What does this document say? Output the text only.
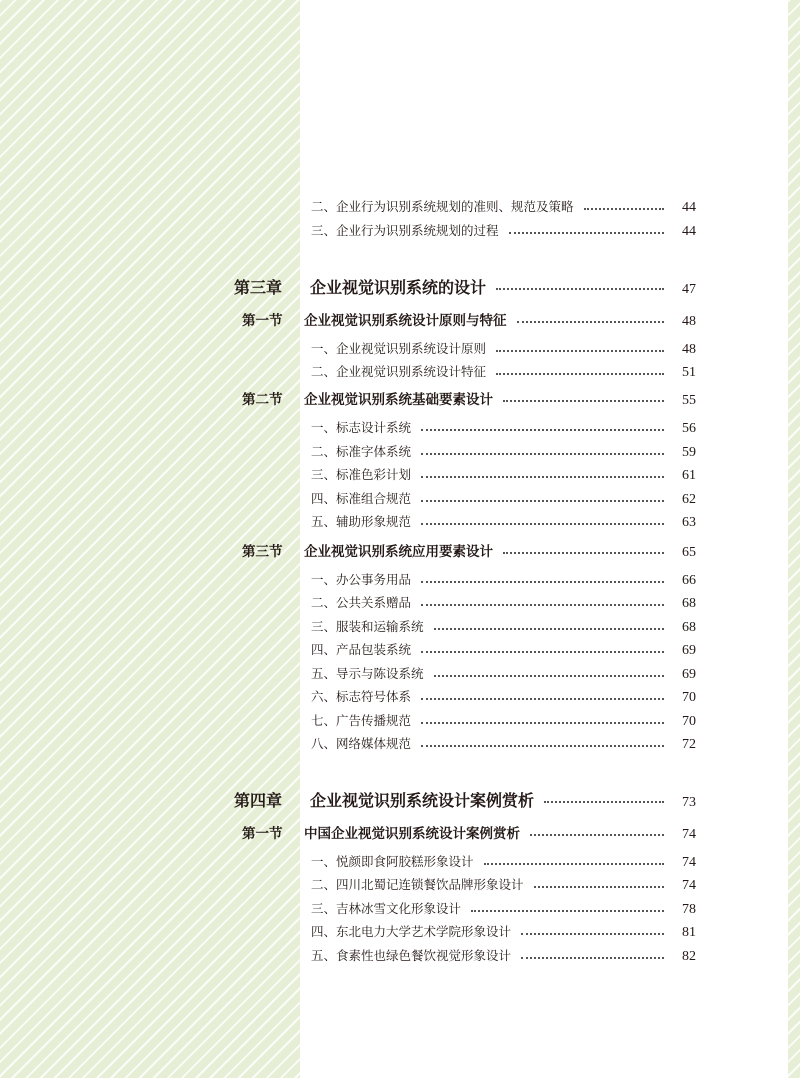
二、企业行为识别系统规划的准则、规范及策略	44
三、企业行为识别系统规划的过程	44
第三章	企业视觉识别系统的设计	47
第一节	企业视觉识别系统设计原则与特征	48
一、企业视觉识别系统设计原则	48
二、企业视觉识别系统设计特征	51
第二节	企业视觉识别系统基础要素设计	55
一、标志设计系统	56
二、标准字体系统	59
三、标准色彩计划	61
四、标准组合规范	62
五、辅助形象规范	63
第三节	企业视觉识别系统应用要素设计	65
一、办公事务用品	66
二、公共关系赠品	68
三、服装和运输系统	68
四、产品包装系统	69
五、导示与陈设系统	69
六、标志符号体系	70
七、广告传播规范	70
八、网络媒体规范	72
第四章	企业视觉识别系统设计案例赏析	73
第一节	中国企业视觉识别系统设计案例赏析	74
一、悦颜即食阿胶糕形象设计	74
二、四川北蜀记连锁餐饮品牌形象设计	74
三、吉林冰雪文化形象设计	78
四、东北电力大学艺术学院形象设计	81
五、食素性也绿色餐饮视觉形象设计	82
